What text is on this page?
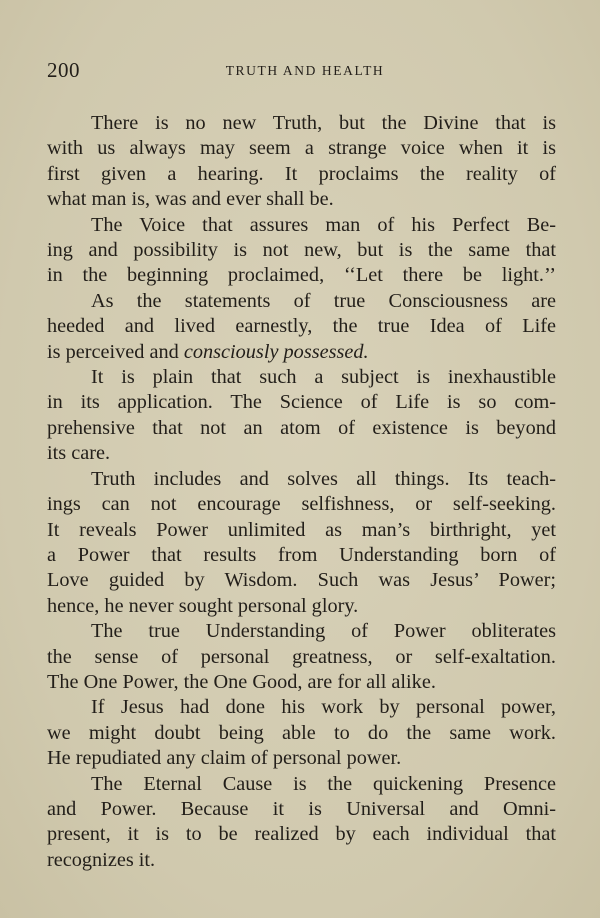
200	TRUTH AND HEALTH
There is no new Truth, but the Divine that is
with us always may seem a strange voice when it is
first given a hearing. It proclaims the reality of
what man is, was and ever shall be.
The Voice that assures man of his Perfect Be-
ing and possibility is not new, but is the same that
in the beginning proclaimed, ‘‘Let there be light.’’
As the statements of true Consciousness are
heeded and lived earnestly, the true Idea of Life
is perceived and consciously possessed.
It is plain that such a subject is inexhaustible
in its application. The Science of Life is so com-
prehensive that not an atom of existence is beyond
its care.
Truth includes and solves all things. Its teach-
ings can not encourage selfishness, or self-seeking.
It reveals Power unlimited as man’s birthright, yet
a Power that results from Understanding born of
Love guided by Wisdom. Such was Jesus’ Power;
hence, he never sought personal glory.
The true Understanding of Power obliterates
the sense of personal greatness, or self-exaltation.
The One Power, the One Good, are for all alike.
If Jesus had done his work by personal power,
we might doubt being able to do the same work.
He repudiated any claim of personal power.
The Eternal Cause is the quickening Presence
and Power. Because it is Universal and Omni-
present, it is to be realized by each individual that
recognizes it.
